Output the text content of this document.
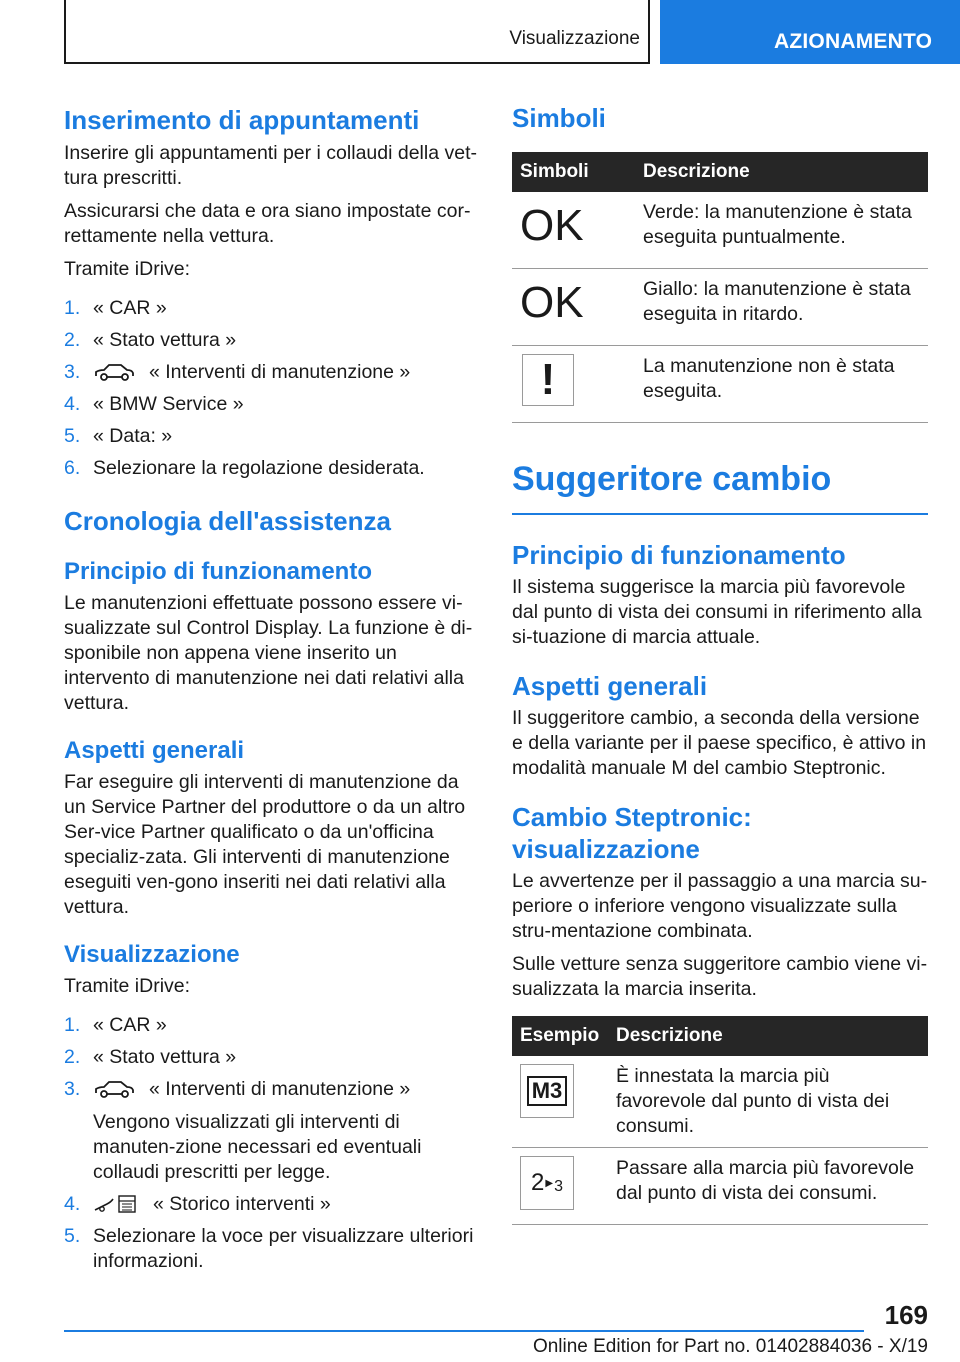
Visualizzazione	AZIONAMENTO
Inserimento di appuntamenti

Inserire gli appuntamenti per i collaudi della vet-tura prescritti.

Assicurarsi che data e ora siano impostate cor-rettamente nella vettura.

Tramite iDrive:

1. « CAR »
2. « Stato vettura »
3.	« Interventi di manutenzione »
4. « BMW Service »
5. « Data: »
6. Selezionare la regolazione desiderata.
Cronologia dell'assistenza
Principio di funzionamento

Le manutenzioni effettuate possono essere vi-sualizzate sul Control Display. La funzione è di-sponibile non appena viene inserito un intervento di manutenzione nei dati relativi alla vettura.

Aspetti generali

Far eseguire gli interventi di manutenzione da un Service Partner del produttore o da un altro Ser-vice Partner qualificato o da un'officina specializ-zata. Gli interventi di manutenzione eseguiti ven-gono inseriti nei dati relativi alla vettura.

Visualizzazione

Tramite iDrive:

1. « CAR »
2. « Stato vettura »
3.	« Interventi di manutenzione »
Vengono visualizzati gli interventi di manuten-zione necessari ed eventuali collaudi prescritti per legge.
4.	« Storico interventi »
5. Selezionare la voce per visualizzare ulteriori informazioni.
Simboli
Simboli	Descrizione

OK	Verde: la manutenzione è stata eseguita puntualmente.

OK	Giallo: la manutenzione è stata eseguita in ritardo.

!	La manutenzione non è stata eseguita.
Suggeritore cambio
Principio di funzionamento

Il sistema suggerisce la marcia più favorevole dal punto di vista dei consumi in riferimento alla si-tuazione di marcia attuale.

Aspetti generali

Il suggeritore cambio, a seconda della versione e della variante per il paese specifico, è attivo in modalità manuale M del cambio Steptronic.

Cambio Steptronic: visualizzazione

Le avvertenze per il passaggio a una marcia su-periore o inferiore vengono visualizzate sulla stru-mentazione combinata.

Sulle vetture senza suggeritore cambio viene vi-sualizzata la marcia inserita.

Esempio	Descrizione

M3	È innestata la marcia più favorevole dal punto di vista dei consumi.

2 ▶ 3	Passare alla marcia più favorevole dal punto di vista dei consumi.
169
Online Edition for Part no. 01402884036 - X/19
